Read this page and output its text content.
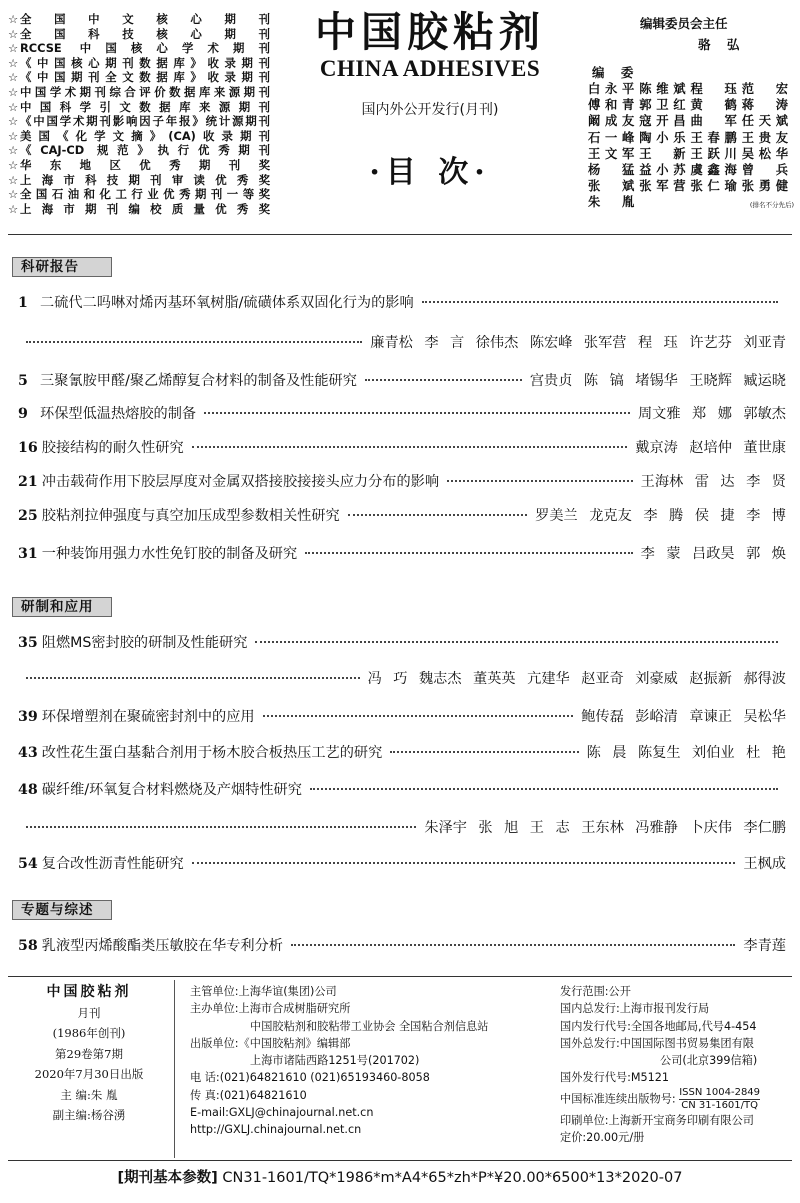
☆ 全国中文核心期刊
☆ 全国科技核心期刊
☆ RCCSE 中国核心学术期刊
☆ 《中国核心期刊数据库》收录期刊
☆ 《中国期刊全文数据库》收录期刊
☆ 中国学术期刊综合评价数据库来源期刊
☆ 中国科学引文数据库来源期刊
☆ 《中国学术期刊影响因子年报》统计源期刊
☆ 美国《化学文摘》(CA)收录期刊
☆ 《CAJ-CD 规范》执行优秀期刊
☆ 华东地区优秀期刊奖
☆ 上海市科技期刊审读优秀奖
☆ 全国石油和化工行业优秀期刊一等奖
☆ 上海市期刊编校质量优秀奖
中国胶粘剂
CHINA ADHESIVES
国内外公开发行(月刊)
·目 次·
编辑委员会主任
骆 弘
编 委
白永平 陈维斌 程 珏 范 宏
傅和青 郭卫红 黄 鹤 蒋 涛
阚成友 寇开昌 曲 军 任天斌
石一峰 陶小乐 王春鹏 王贵友
王文军 王 新 王跃川 吴松华
杨 猛 益小苏 虞鑫海 曾 兵
张 斌 张军营 张仁瑜 张勇健
朱 胤	(排名不分先后)
科研报告
1 二硫代二吗啉对烯丙基环氧树脂/硫磺体系双固化行为的影响
廉青松 李 言 徐伟杰 陈宏峰 张军营 程 珏 许艺芬 刘亚青
5 三聚氰胺甲醛/聚乙烯醇复合材料的制备及性能研究	宫贵贞 陈 镐 堵锡华 王晓辉 臧运晓
9 环保型低温热熔胶的制备	周文雅 郑 娜 郭敏杰
16 胶接结构的耐久性研究	戴京涛 赵培仲 董世康
21 冲击载荷作用下胶层厚度对金属双搭接胶接接头应力分布的影响	王海林 雷 达 李 贤
25 胶粘剂拉伸强度与真空加压成型参数相关性研究	罗美兰 龙克友 李 腾 侯 捷 李 博
31 一种装饰用强力水性免钉胶的制备及研究	李 蒙 吕政昊 郭 焕
研制和应用
35 阻燃MS密封胶的研制及性能研究
冯 巧 魏志杰 董英英 亢建华 赵亚奇 刘豪威 赵振新 郝得波
39 环保增塑剂在聚硫密封剂中的应用	鲍传磊 彭峪清 章谏正 吴松华
43 改性花生蛋白基黏合剂用于杨木胶合板热压工艺的研究	陈 晨 陈复生 刘伯业 杜 艳
48 碳纤维/环氧复合材料燃烧及产烟特性研究
朱泽宇 张 旭 王 志 王东林 冯雅静 卜庆伟 李仁鹏
54 复合改性沥青性能研究	王枫成
专题与综述
58 乳液型丙烯酸酯类压敏胶在华专利分析	李青莲
中国胶粘剂
月刊
(1986年创刊)
第29卷第7期
2020年7月30日出版
主 编:朱 胤
副主编:杨谷湧
主管单位:上海华谊(集团)公司
主办单位:上海市合成树脂研究所
中国胶粘剂和胶粘带工业协会 全国粘合剂信息站
出版单位:《中国胶粘剂》编辑部
上海市诸陆西路1251号(201702)
电 话:(021)64821610 (021)65193460-8058
传 真:(021)64821610
E-mail:GXLJ@chinajournal.net.cn
http://GXLJ.chinajournal.net.cn
发行范围:公开
国内总发行:上海市报刊发行局
国内发行代号:全国各地邮局,代号4-454
国外总发行:中国国际图书贸易集团有限
公司(北京399信箱)
国外发行代号:M5121
中国标准连续出版物号: ISSN 1004-2849
CN 31-1601/TQ
印刷单位:上海新开宝商务印刷有限公司
定价:20.00元/册
[期刊基本参数] CN31-1601/TQ*1986*m*A4*65*zh*P*¥20.00*6500*13*2020-07
